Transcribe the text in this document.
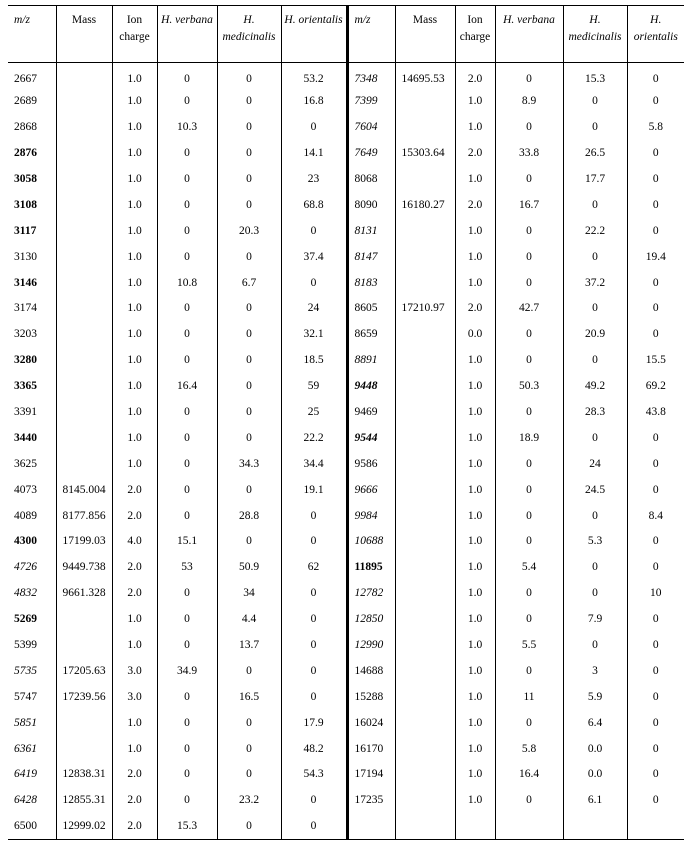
m/z	Mass	Ion charge	H. verbana	H. medicinalis	H. orientalis	m/z	Mass	Ion charge	H. verbana	H. medicinalis	H. orientalis
2667		1.0	0	0	53.2	7348	14695.53	2.0	0	15.3	0
2689		1.0	0	0	16.8	7399		1.0	8.9	0	0
2868		1.0	10.3	0	0	7604		1.0	0	0	5.8
2876		1.0	0	0	14.1	7649	15303.64	2.0	33.8	26.5	0
3058		1.0	0	0	23	8068		1.0	0	17.7	0
3108		1.0	0	0	68.8	8090	16180.27	2.0	16.7	0	0
3117		1.0	0	20.3	0	8131		1.0	0	22.2	0
3130		1.0	0	0	37.4	8147		1.0	0	0	19.4
3146		1.0	10.8	6.7	0	8183		1.0	0	37.2	0
3174		1.0	0	0	24	8605	17210.97	2.0	42.7	0	0
3203		1.0	0	0	32.1	8659		0.0	0	20.9	0
3280		1.0	0	0	18.5	8891		1.0	0	0	15.5
3365		1.0	16.4	0	59	9448		1.0	50.3	49.2	69.2
3391		1.0	0	0	25	9469		1.0	0	28.3	43.8
3440		1.0	0	0	22.2	9544		1.0	18.9	0	0
3625		1.0	0	34.3	34.4	9586		1.0	0	24	0
4073	8145.004	2.0	0	0	19.1	9666		1.0	0	24.5	0
4089	8177.856	2.0	0	28.8	0	9984		1.0	0	0	8.4
4300	17199.03	4.0	15.1	0	0	10688		1.0	0	5.3	0
4726	9449.738	2.0	53	50.9	62	11895		1.0	5.4	0	0
4832	9661.328	2.0	0	34	0	12782		1.0	0	0	10
5269		1.0	0	4.4	0	12850		1.0	0	7.9	0
5399		1.0	0	13.7	0	12990		1.0	5.5	0	0
5735	17205.63	3.0	34.9	0	0	14688		1.0	0	3	0
5747	17239.56	3.0	0	16.5	0	15288		1.0	11	5.9	0
5851		1.0	0	0	17.9	16024		1.0	0	6.4	0
6361		1.0	0	0	48.2	16170		1.0	5.8	0.0	0
6419	12838.31	2.0	0	0	54.3	17194		1.0	16.4	0.0	0
6428	12855.31	2.0	0	23.2	0	17235		1.0	0	6.1	0
6500	12999.02	2.0	15.3	0	0						
